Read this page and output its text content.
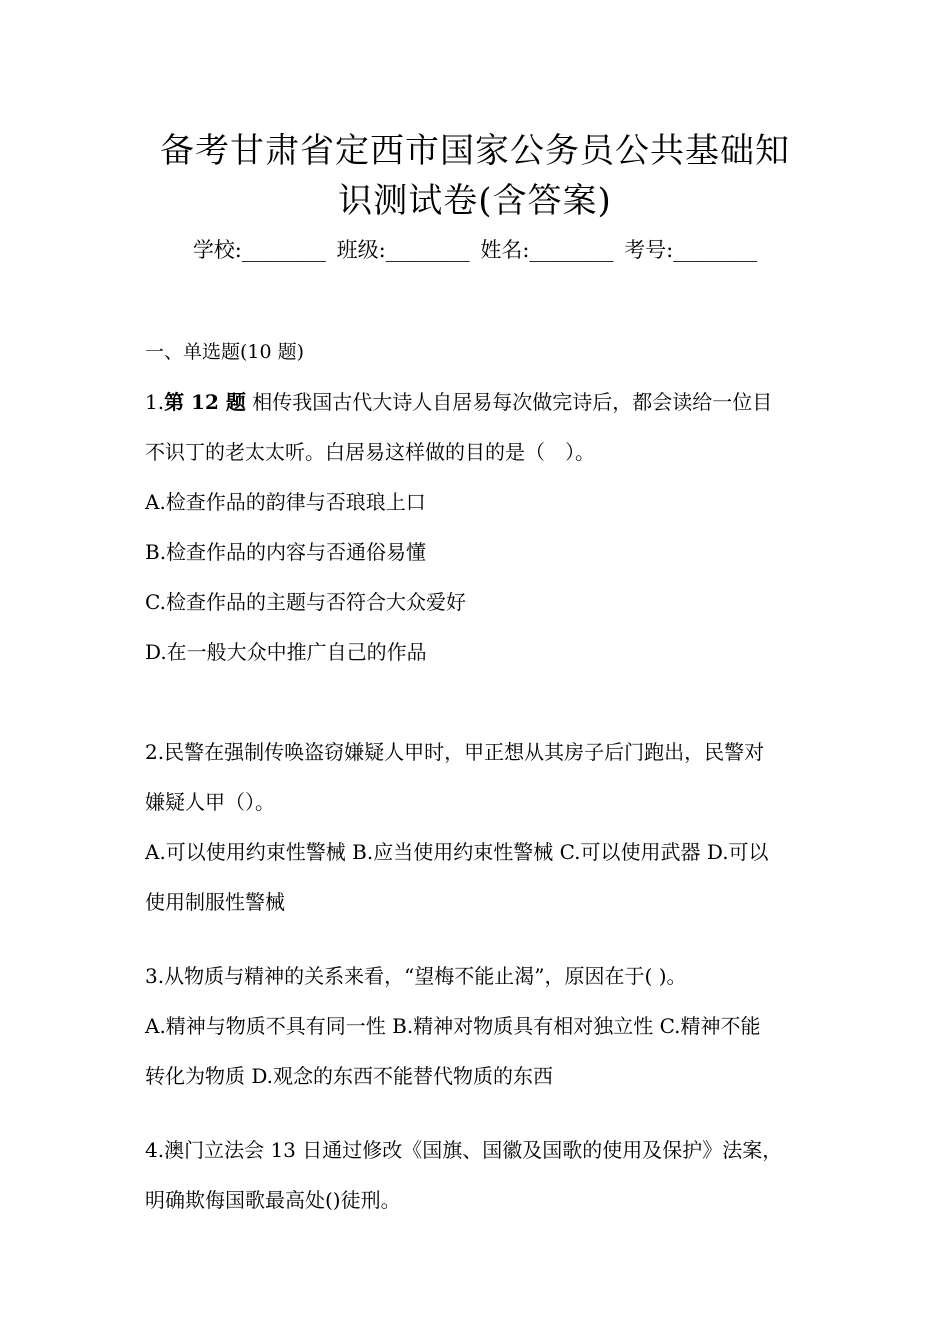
备考甘肃省定西市国家公务员公共基础知
识测试卷(含答案)
学校:________ 班级:________ 姓名:________ 考号:________
一、单选题(10 题)
1.第 12 题 相传我国古代大诗人自居易每次做完诗后，都会读给一位目
不识丁的老太太听。白居易这样做的目的是（　）。
A.检查作品的韵律与否琅琅上口
B.检查作品的内容与否通俗易懂
C.检查作品的主题与否符合大众爱好
D.在一般大众中推广自己的作品
2.民警在强制传唤盗窃嫌疑人甲时，甲正想从其房子后门跑出，民警对
嫌疑人甲（）。
A.可以使用约束性警械 B.应当使用约束性警械 C.可以使用武器 D.可以
使用制服性警械
3.从物质与精神的关系来看，“望梅不能止渴”，原因在于( )。
A.精神与物质不具有同一性 B.精神对物质具有相对独立性 C.精神不能
转化为物质 D.观念的东西不能替代物质的东西
4.澳门立法会 13 日通过修改《国旗、国徽及国歌的使用及保护》法案，
明确欺侮国歌最高处()徒刑。
